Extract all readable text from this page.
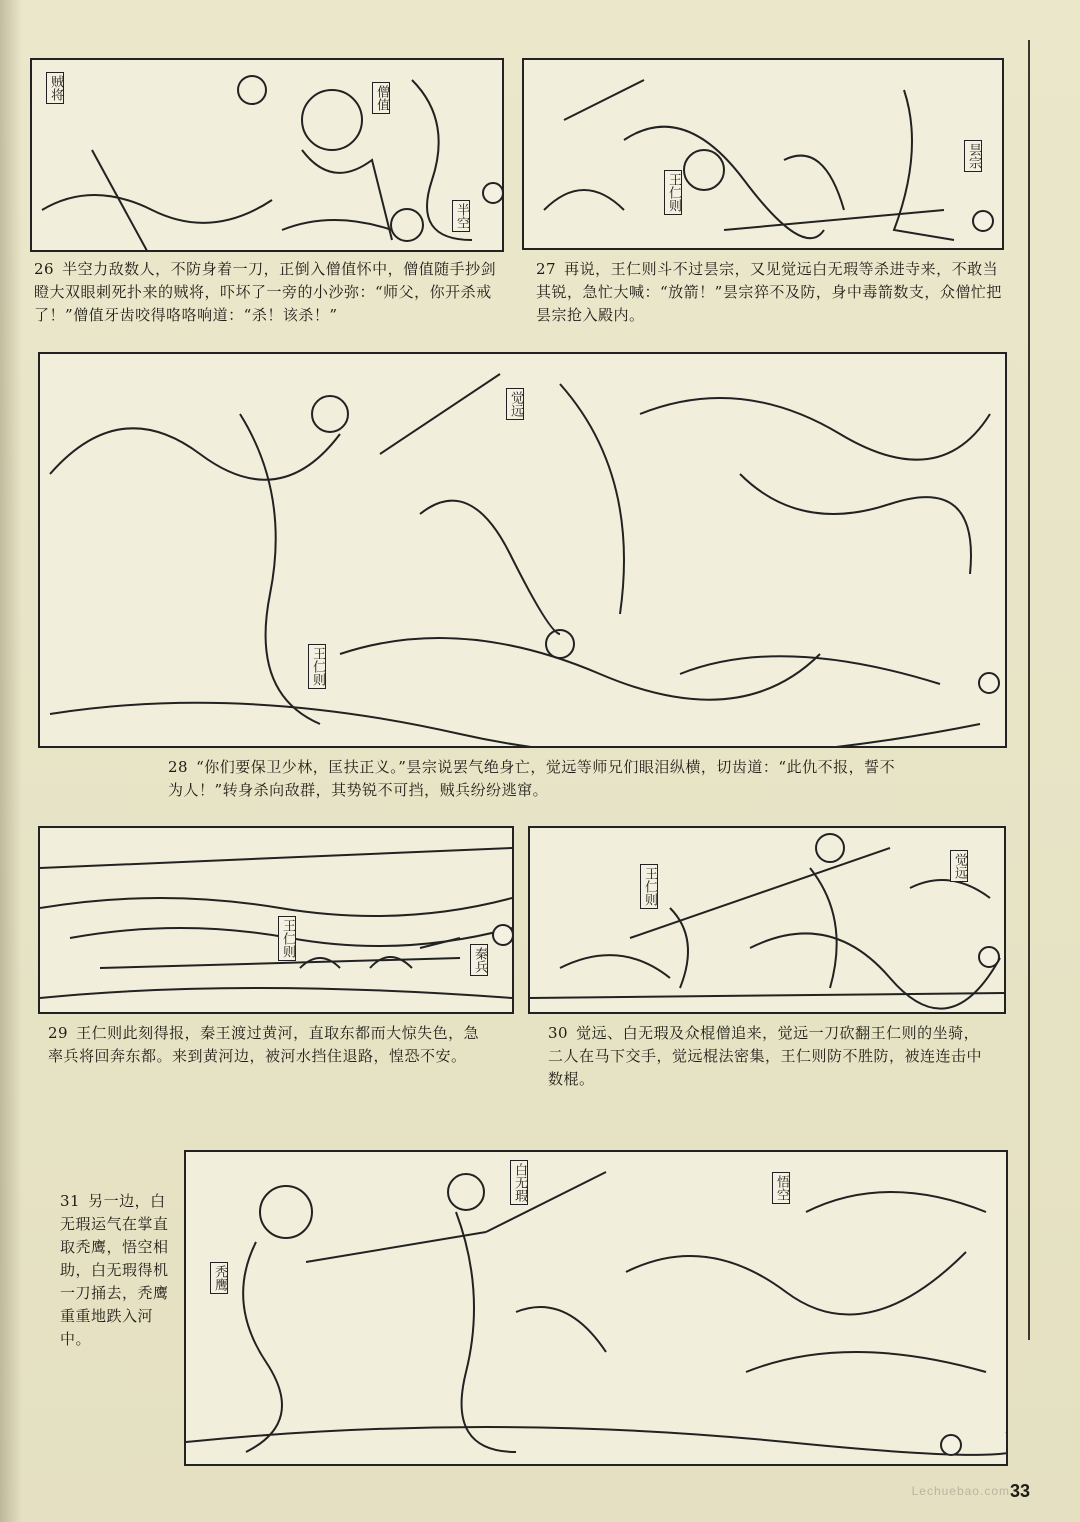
贼将	僧值
半空
26 半空力敌数人，不防身着一刀，正倒入僧值怀中，僧值随手抄剑瞪大双眼刺死扑来的贼将，吓坏了一旁的小沙弥：“师父，你开杀戒了！”僧值牙齿咬得咯咯响道：“杀！该杀！”
王仁则
昙宗
27 再说，王仁则斗不过昙宗，又见觉远白无瑕等杀进寺来，不敢当其锐，急忙大喊：“放箭！”昙宗猝不及防，身中毒箭数支，众僧忙把昙宗抢入殿内。
觉远
王仁则
28 “你们要保卫少林，匡扶正义。”昙宗说罢气绝身亡，觉远等师兄们眼泪纵横，切齿道：“此仇不报，誓不为人！”转身杀向敌群，其势锐不可挡，贼兵纷纷逃窜。
王仁则
秦兵
29 王仁则此刻得报，秦王渡过黄河，直取东都而大惊失色，急率兵将回奔东都。来到黄河边，被河水挡住退路，惶恐不安。
王仁则
觉远
30 觉远、白无瑕及众棍僧追来，觉远一刀砍翻王仁则的坐骑，二人在马下交手，觉远棍法密集，王仁则防不胜防，被连连击中数棍。
31 另一边，白无瑕运气在掌直取秃鹰，悟空相助，白无瑕得机一刀捅去，秃鹰重重地跌入河中。
白无瑕	悟空
秃鹰
Lechuebao.com 33
